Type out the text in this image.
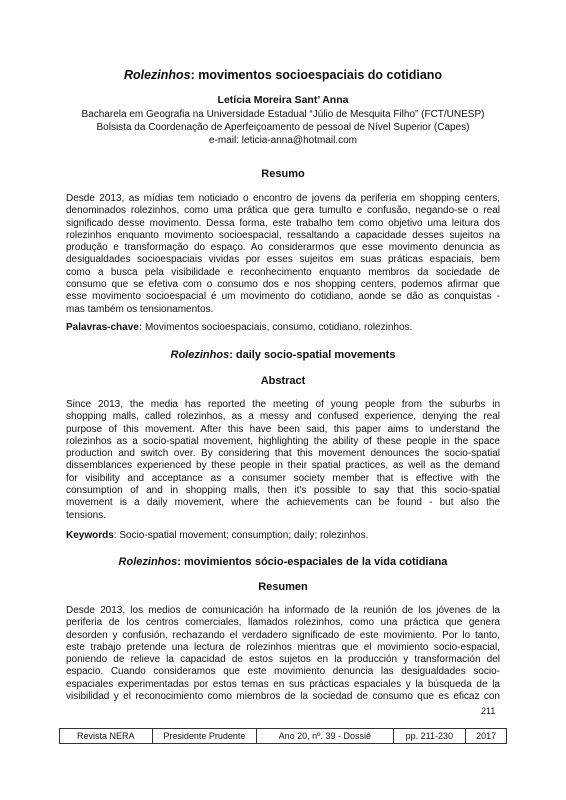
Rolezinhos: movimentos socioespaciais do cotidiano
Letícia Moreira Sant’ Anna
Bacharela em Geografia na Universidade Estadual “Júlio de Mesquita Filho” (FCT/UNESP)
Bolsista da Coordenação de Aperfeiçoamento de pessoal de Nível Superior (Capes)
e-mail: leticia-anna@hotmail.com
Resumo
Desde 2013, as mídias tem noticiado o encontro de jovens da periferia em shopping centers,
denominados rolezinhos, como uma prática que gera tumulto e confusão, negando-se o real
significado desse movimento. Dessa forma, este trabalho tem como objetivo uma leitura dos
rolezinhos enquanto movimento socioespacial, ressaltando a capacidade desses sujeitos na
produção e transformação do espaço. Ao considerarmos que esse movimento denuncia as
desigualdades socioespaciais vividas por esses sujeitos em suas práticas espaciais, bem
como a busca pela visibilidade e reconhecimento enquanto membros da sociedade de
consumo que se efetiva com o consumo dos e nos shopping centers, podemos afirmar que
esse movimento socioespacial é um movimento do cotidiano, aonde se dão as conquistas -
mas também os tensionamentos.
Palavras-chave: Movimentos socioespaciais, consumo, cotidiano, rolezinhos.
Rolezinhos: daily socio-spatial movements
Abstract
Since 2013, the media has reported the meeting of young people from the suburbs in
shopping malls, called rolezinhos, as a messy and confused experience, denying the real
purpose of this movement. After this have been said, this paper aims to understand the
rolezinhos as a socio-spatial movement, highlighting the ability of these people in the space
production and switch over. By considering that this movement denounces the socio-spatial
dissemblances experienced by these people in their spatial practices, as well as the demand
for visibility and acceptance as a consumer society member that is effective with the
consumption of and in shopping malls, then it's possible to say that this socio-spatial
movement is a daily movement, where the achievements can be found - but also the
tensions.
Keywords: Socio-spatial movement; consumption; daily; rolezinhos.
Rolezinhos: movimientos sócio-espaciales de la vida cotidiana
Resumen
Desde 2013, los medios de comunicación ha informado de la reunión de los jóvenes de la
periferia de los centros comerciales, llamados rolezinhos, como una práctica que genera
desorden y confusión, rechazando el verdadero significado de este movimiento. Por lo tanto,
este trabajo pretende una lectura de rolezinhos mientras que el movimiento socio-espacial,
poniendo de relieve la capacidad de estos sujetos en la producción y transformación del
espacio. Cuando consideramos que este movimiento denuncia las desigualdades socio-
espaciales experimentadas por estos temas en sus prácticas espaciales y la búsqueda de la
visibilidad y el reconocimiento como miembros de la sociedad de consumo que es eficaz con
211
Revista NERA	Presidente Prudente	Ano 20, nº. 39 - Dossiê	pp. 211-230	2017
